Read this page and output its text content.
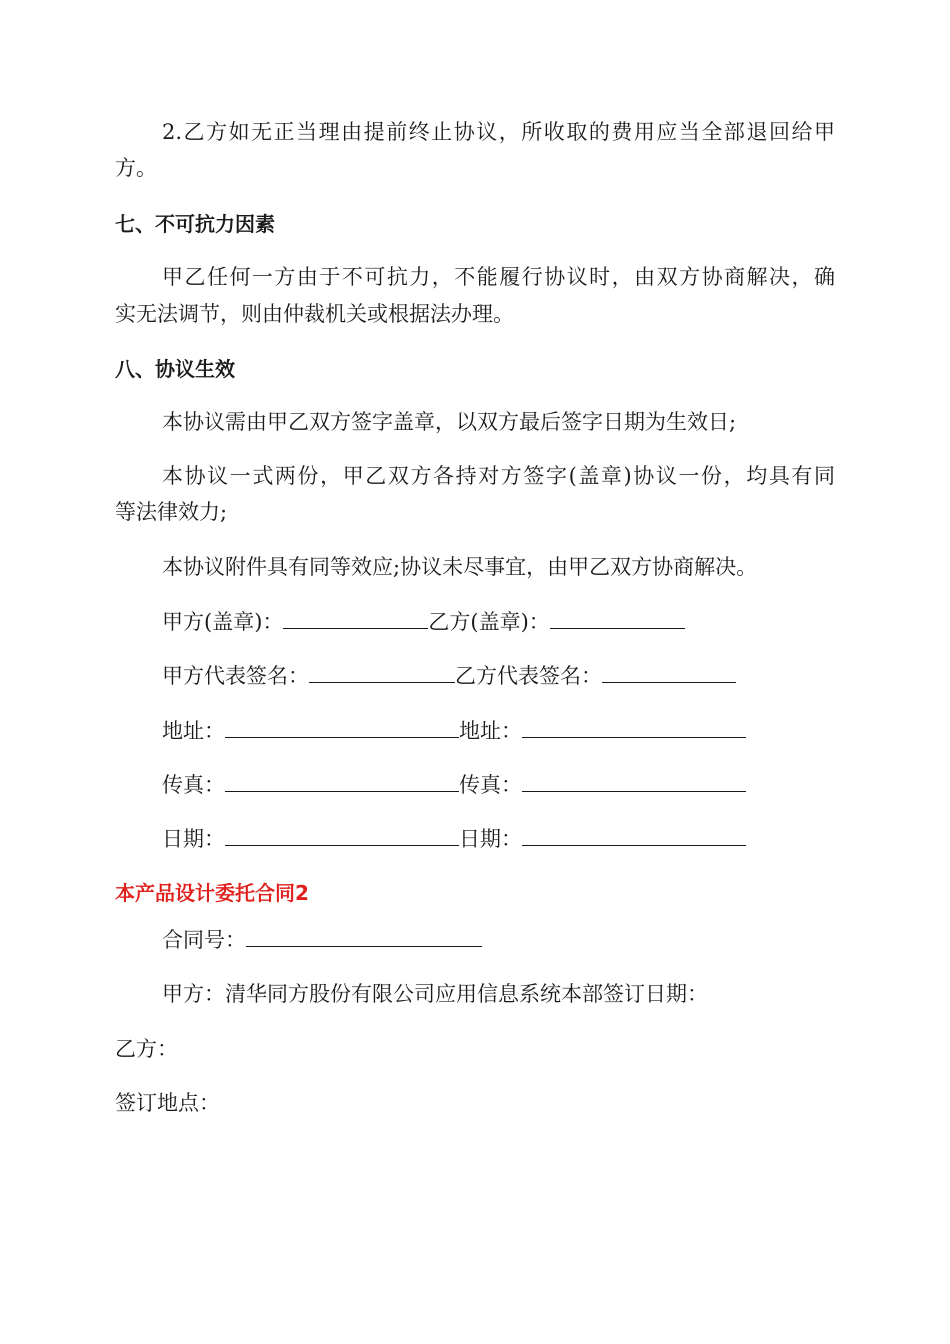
2.乙方如无正当理由提前终止协议，所收取的费用应当全部退回给甲
方。
七、不可抗力因素
甲乙任何一方由于不可抗力，不能履行协议时，由双方协商解决，确
实无法调节，则由仲裁机关或根据法办理。
八、协议生效
本协议需由甲乙双方签字盖章，以双方最后签字日期为生效日;
本协议一式两份，甲乙双方各持对方签字(盖章)协议一份，均具有同
等法律效力;
本协议附件具有同等效应;协议未尽事宜，由甲乙双方协商解决。
甲方(盖章)：	乙方(盖章)：
甲方代表签名：	乙方代表签名：
地址：	地址：
传真：	传真：
日期：	日期：
本产品设计委托合同2
合同号：
甲方：清华同方股份有限公司应用信息系统本部签订日期：
乙方：
签订地点：
